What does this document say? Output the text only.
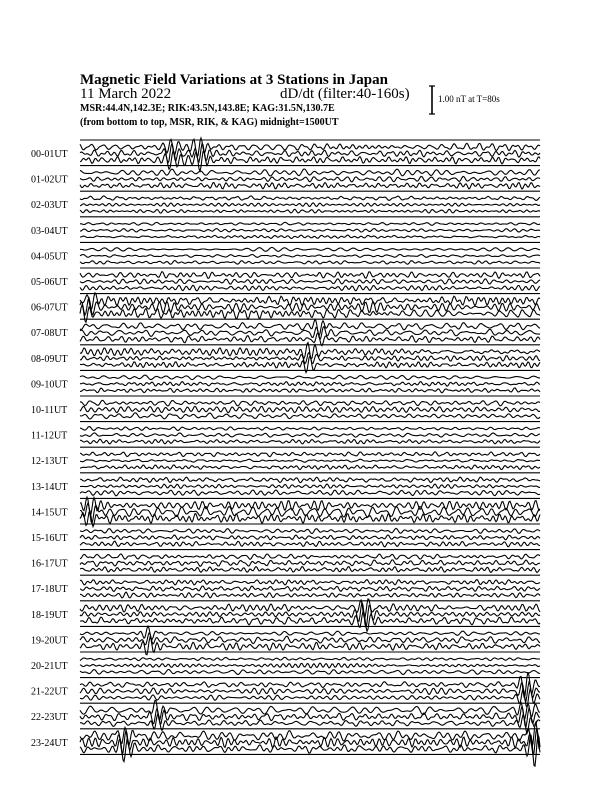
Magnetic Field Variations at 3 Stations in Japan

11 March 2022	dD/dt (filter:40-160s)

MSR:44.4N,142.3E; RIK:43.5N,143.8E; KAG:31.5N,130.7E

(from bottom to top, MSR, RIK, & KAG) midnight=1500UT

1.00 nT at T=80s
00-01UT
01-02UT
02-03UT
03-04UT
04-05UT
05-06UT
06-07UT
07-08UT
08-09UT
09-10UT
10-11UT
11-12UT
12-13UT
13-14UT
14-15UT
15-16UT
16-17UT
17-18UT
18-19UT
19-20UT
20-21UT
21-22UT
22-23UT
23-24UT
